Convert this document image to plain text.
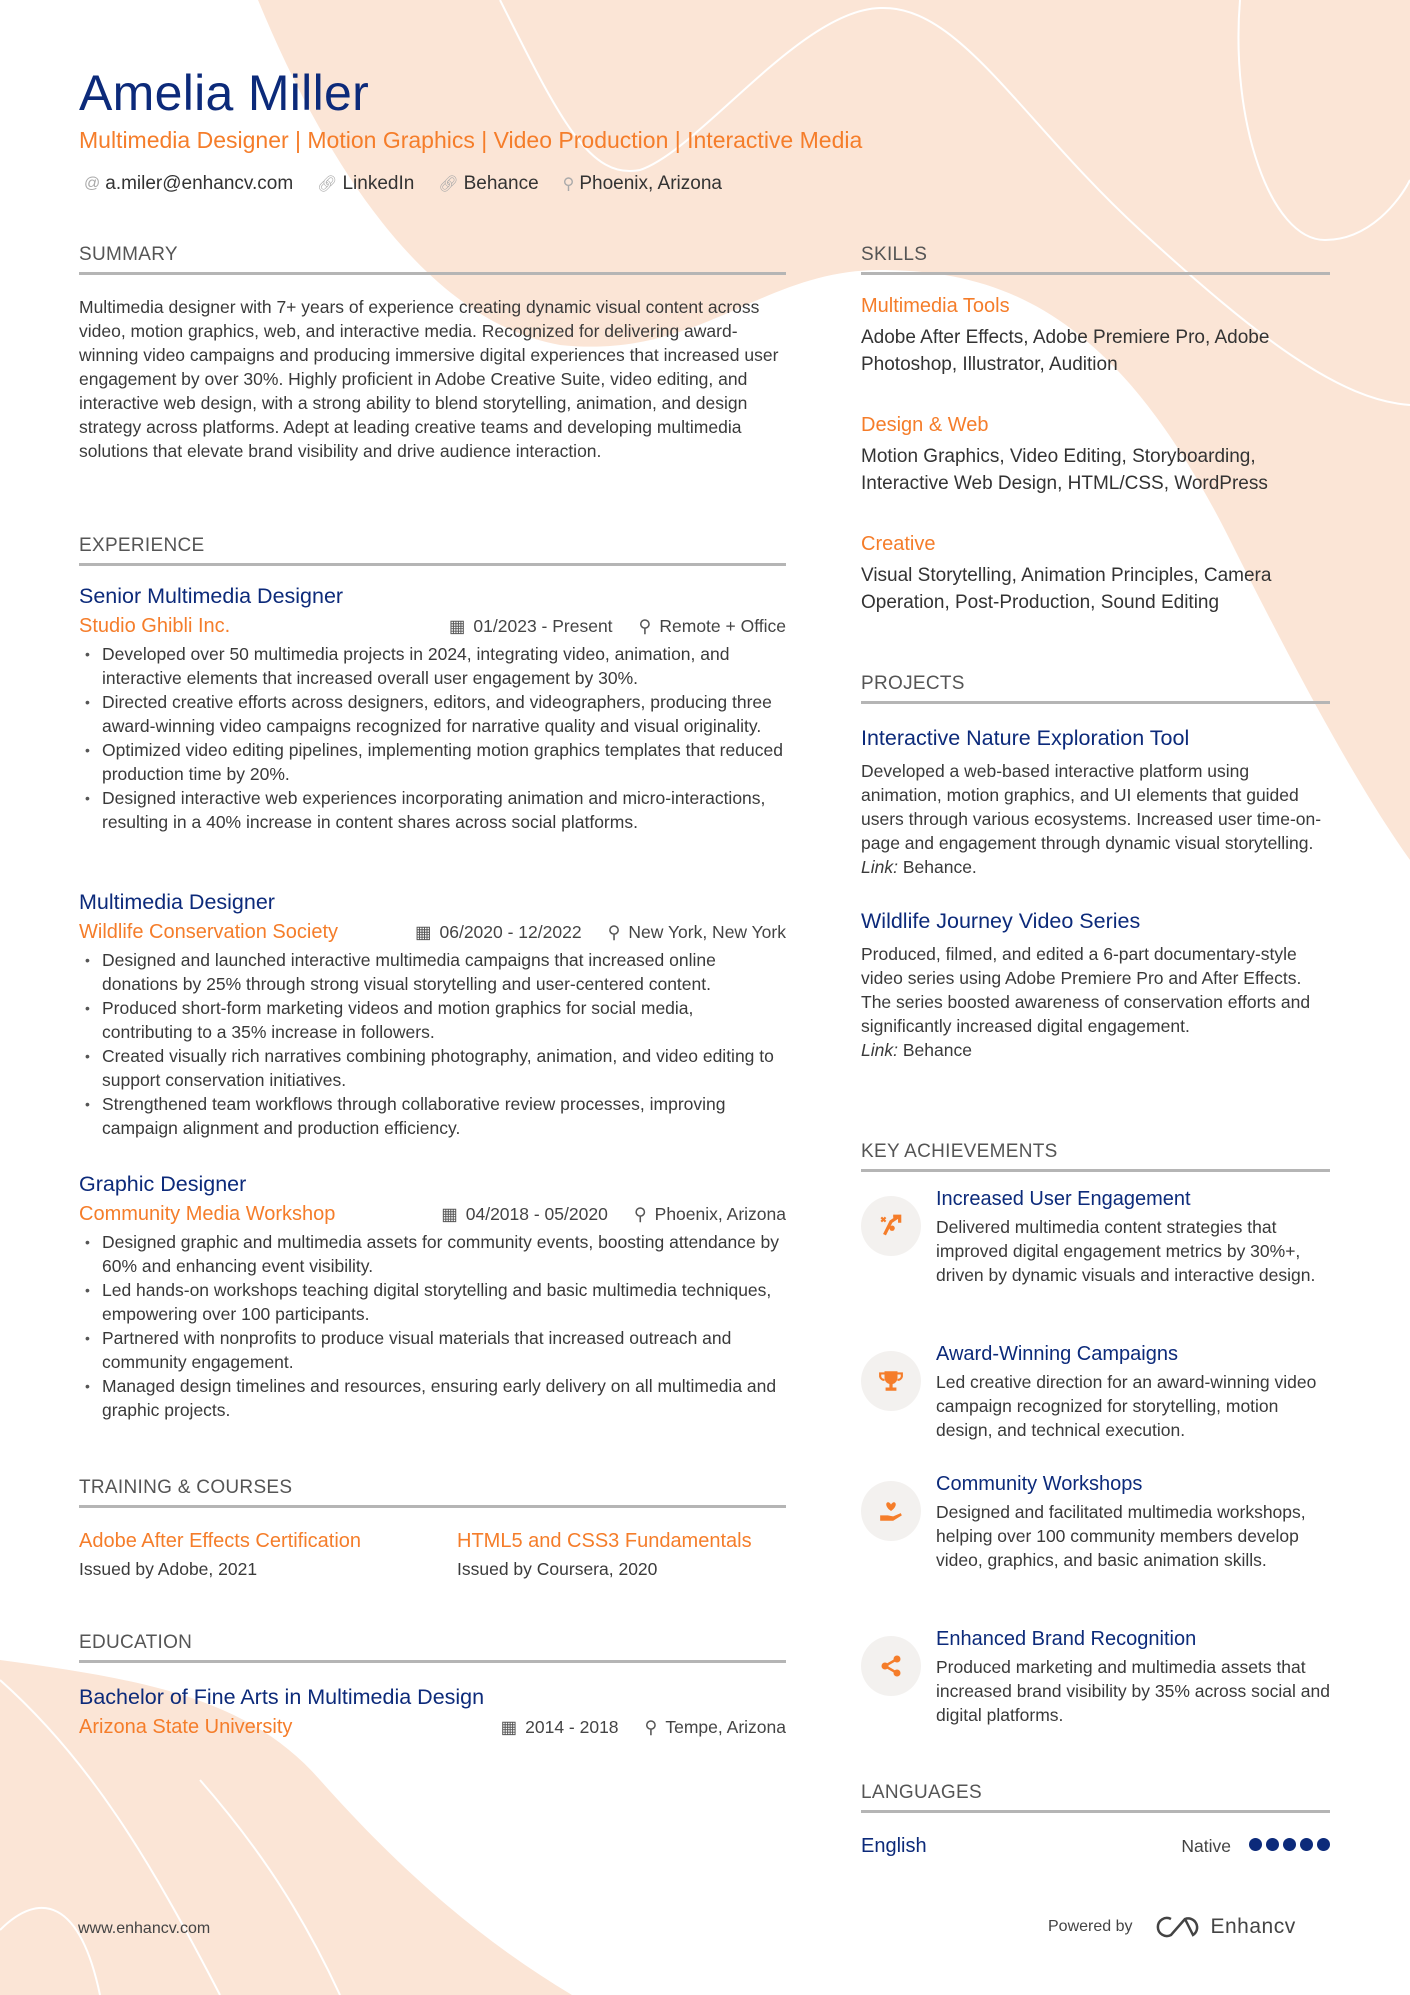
Amelia Miller
Multimedia Designer | Motion Graphics | Video Production | Interactive Media
@ a.miler@enhancv.com 🔗︎ LinkedIn 🔗︎ Behance ⚲ Phoenix, Arizona
SUMMARY

Multimedia designer with 7+ years of experience creating dynamic visual content across video, motion graphics, web, and interactive media. Recognized for delivering award-winning video campaigns and producing immersive digital experiences that increased user engagement by over 30%. Highly proficient in Adobe Creative Suite, video editing, and interactive web design, with a strong ability to blend storytelling, animation, and design strategy across platforms. Adept at leading creative teams and developing multimedia solutions that elevate brand visibility and drive audience interaction.

EXPERIENCE
Senior Multimedia Designer
Studio Ghibli Inc.	▦ 01/2023 - Present ⚲ Remote + Office
• Developed over 50 multimedia projects in 2024, integrating video, animation, and interactive elements that increased overall user engagement by 30%.
• Directed creative efforts across designers, editors, and videographers, producing three award-winning video campaigns recognized for narrative quality and visual originality.
• Optimized video editing pipelines, implementing motion graphics templates that reduced production time by 20%.
• Designed interactive web experiences incorporating animation and micro-interactions, resulting in a 40% increase in content shares across social platforms.
Multimedia Designer
Wildlife Conservation Society	▦ 06/2020 - 12/2022 ⚲ New York, New York
• Designed and launched interactive multimedia campaigns that increased online donations by 25% through strong visual storytelling and user-centered content.
• Produced short-form marketing videos and motion graphics for social media, contributing to a 35% increase in followers.
• Created visually rich narratives combining photography, animation, and video editing to support conservation initiatives.
• Strengthened team workflows through collaborative review processes, improving campaign alignment and production efficiency.
Graphic Designer
Community Media Workshop	▦ 04/2018 - 05/2020 ⚲ Phoenix, Arizona
• Designed graphic and multimedia assets for community events, boosting attendance by 60% and enhancing event visibility.
• Led hands-on workshops teaching digital storytelling and basic multimedia techniques, empowering over 100 participants.
• Partnered with nonprofits to produce visual materials that increased outreach and community engagement.
• Managed design timelines and resources, ensuring early delivery on all multimedia and graphic projects.
TRAINING & COURSES
Adobe After Effects Certification
Issued by Adobe, 2021
HTML5 and CSS3 Fundamentals
Issued by Coursera, 2020
EDUCATION
Bachelor of Fine Arts in Multimedia Design
Arizona State University	▦ 2014 - 2018 ⚲ Tempe, Arizona
www.enhancv.com
SKILLS
Multimedia Tools
Adobe After Effects, Adobe Premiere Pro, Adobe Photoshop, Illustrator, Audition
Design & Web
Motion Graphics, Video Editing, Storyboarding, Interactive Web Design, HTML/CSS, WordPress
Creative
Visual Storytelling, Animation Principles, Camera Operation, Post-Production, Sound Editing
PROJECTS
Interactive Nature Exploration Tool

Developed a web-based interactive platform using animation, motion graphics, and UI elements that guided users through various ecosystems. Increased user time-on-page and engagement through dynamic visual storytelling.

Link: Behance.

Wildlife Journey Video Series

Produced, filmed, and edited a 6-part documentary-style video series using Adobe Premiere Pro and After Effects. The series boosted awareness of conservation efforts and significantly increased digital engagement.

Link: Behance

KEY ACHIEVEMENTS
Increased User Engagement
Delivered multimedia content strategies that improved digital engagement metrics by 30%+, driven by dynamic visuals and interactive design.
Award-Winning Campaigns
Led creative direction for an award-winning video campaign recognized for storytelling, motion design, and technical execution.
Community Workshops
Designed and facilitated multimedia workshops, helping over 100 community members develop video, graphics, and basic animation skills.
Enhanced Brand Recognition
Produced marketing and multimedia assets that increased brand visibility by 35% across social and digital platforms.
LANGUAGES
English	Native
Powered by	Enhancv
